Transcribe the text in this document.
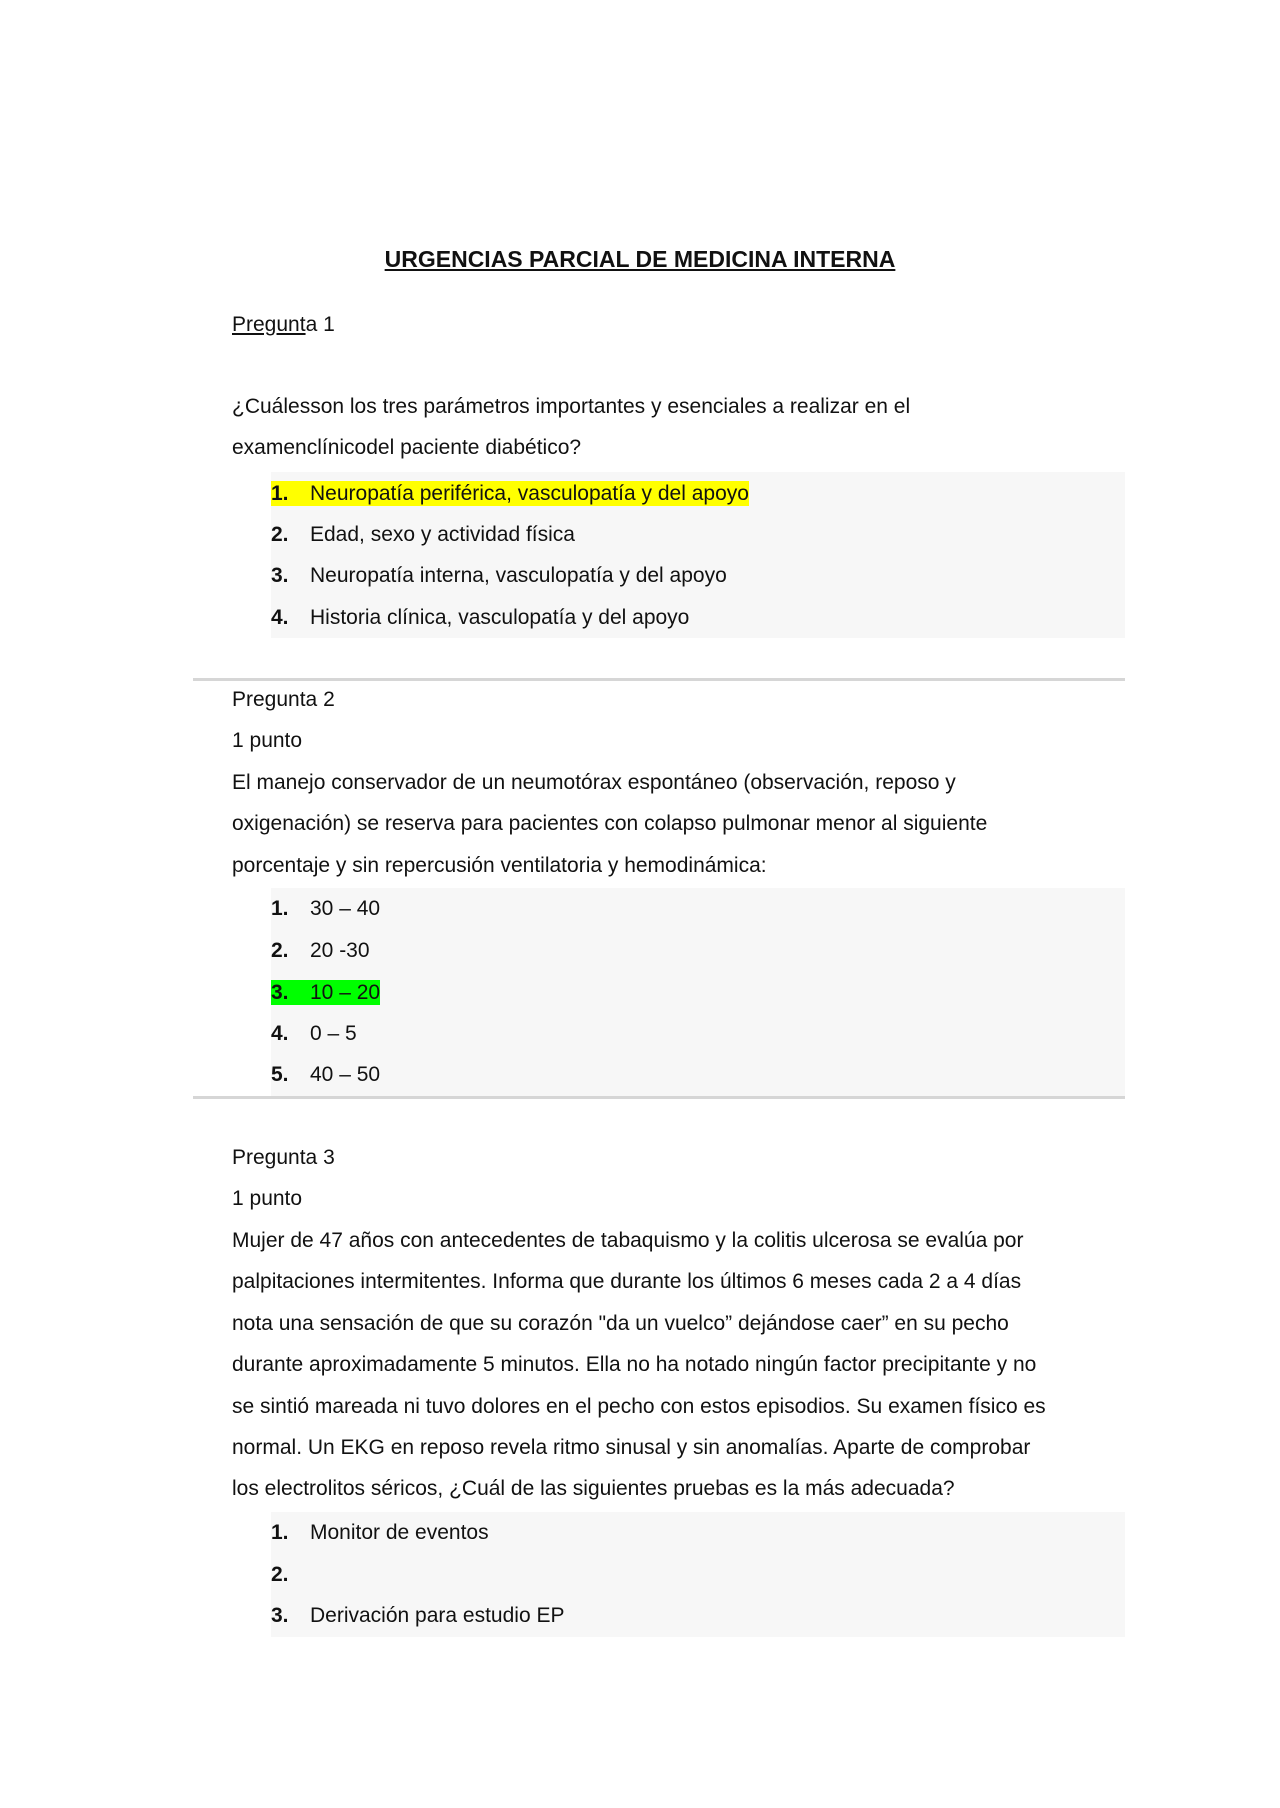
URGENCIAS PARCIAL DE MEDICINA INTERNA
Pregunta 1
¿Cuálesson los tres parámetros importantes y esenciales a realizar en el
examenclínicodel paciente diabético?
1. Neuropatía periférica, vasculopatía y del apoyo
2. Edad, sexo y actividad física
3. Neuropatía interna, vasculopatía y del apoyo
4. Historia clínica, vasculopatía y del apoyo
Pregunta 2
1 punto
El manejo conservador de un neumotórax espontáneo (observación, reposo y
oxigenación) se reserva para pacientes con colapso pulmonar menor al siguiente
porcentaje y sin repercusión ventilatoria y hemodinámica:
1. 30 – 40
2. 20 -30
3. 10 – 20
4. 0 – 5
5. 40 – 50
Pregunta 3
1 punto
Mujer de 47 años con antecedentes de tabaquismo y la colitis ulcerosa se evalúa por
palpitaciones intermitentes. Informa que durante los últimos 6 meses cada 2 a 4 días
nota una sensación de que su corazón "da un vuelco” dejándose caer” en su pecho
durante aproximadamente 5 minutos. Ella no ha notado ningún factor precipitante y no
se sintió mareada ni tuvo dolores en el pecho con estos episodios. Su examen físico es
normal. Un EKG en reposo revela ritmo sinusal y sin anomalías. Aparte de comprobar
los electrolitos séricos, ¿Cuál de las siguientes pruebas es la más adecuada?
1. Monitor de eventos
2.
3. Derivación para estudio EP
